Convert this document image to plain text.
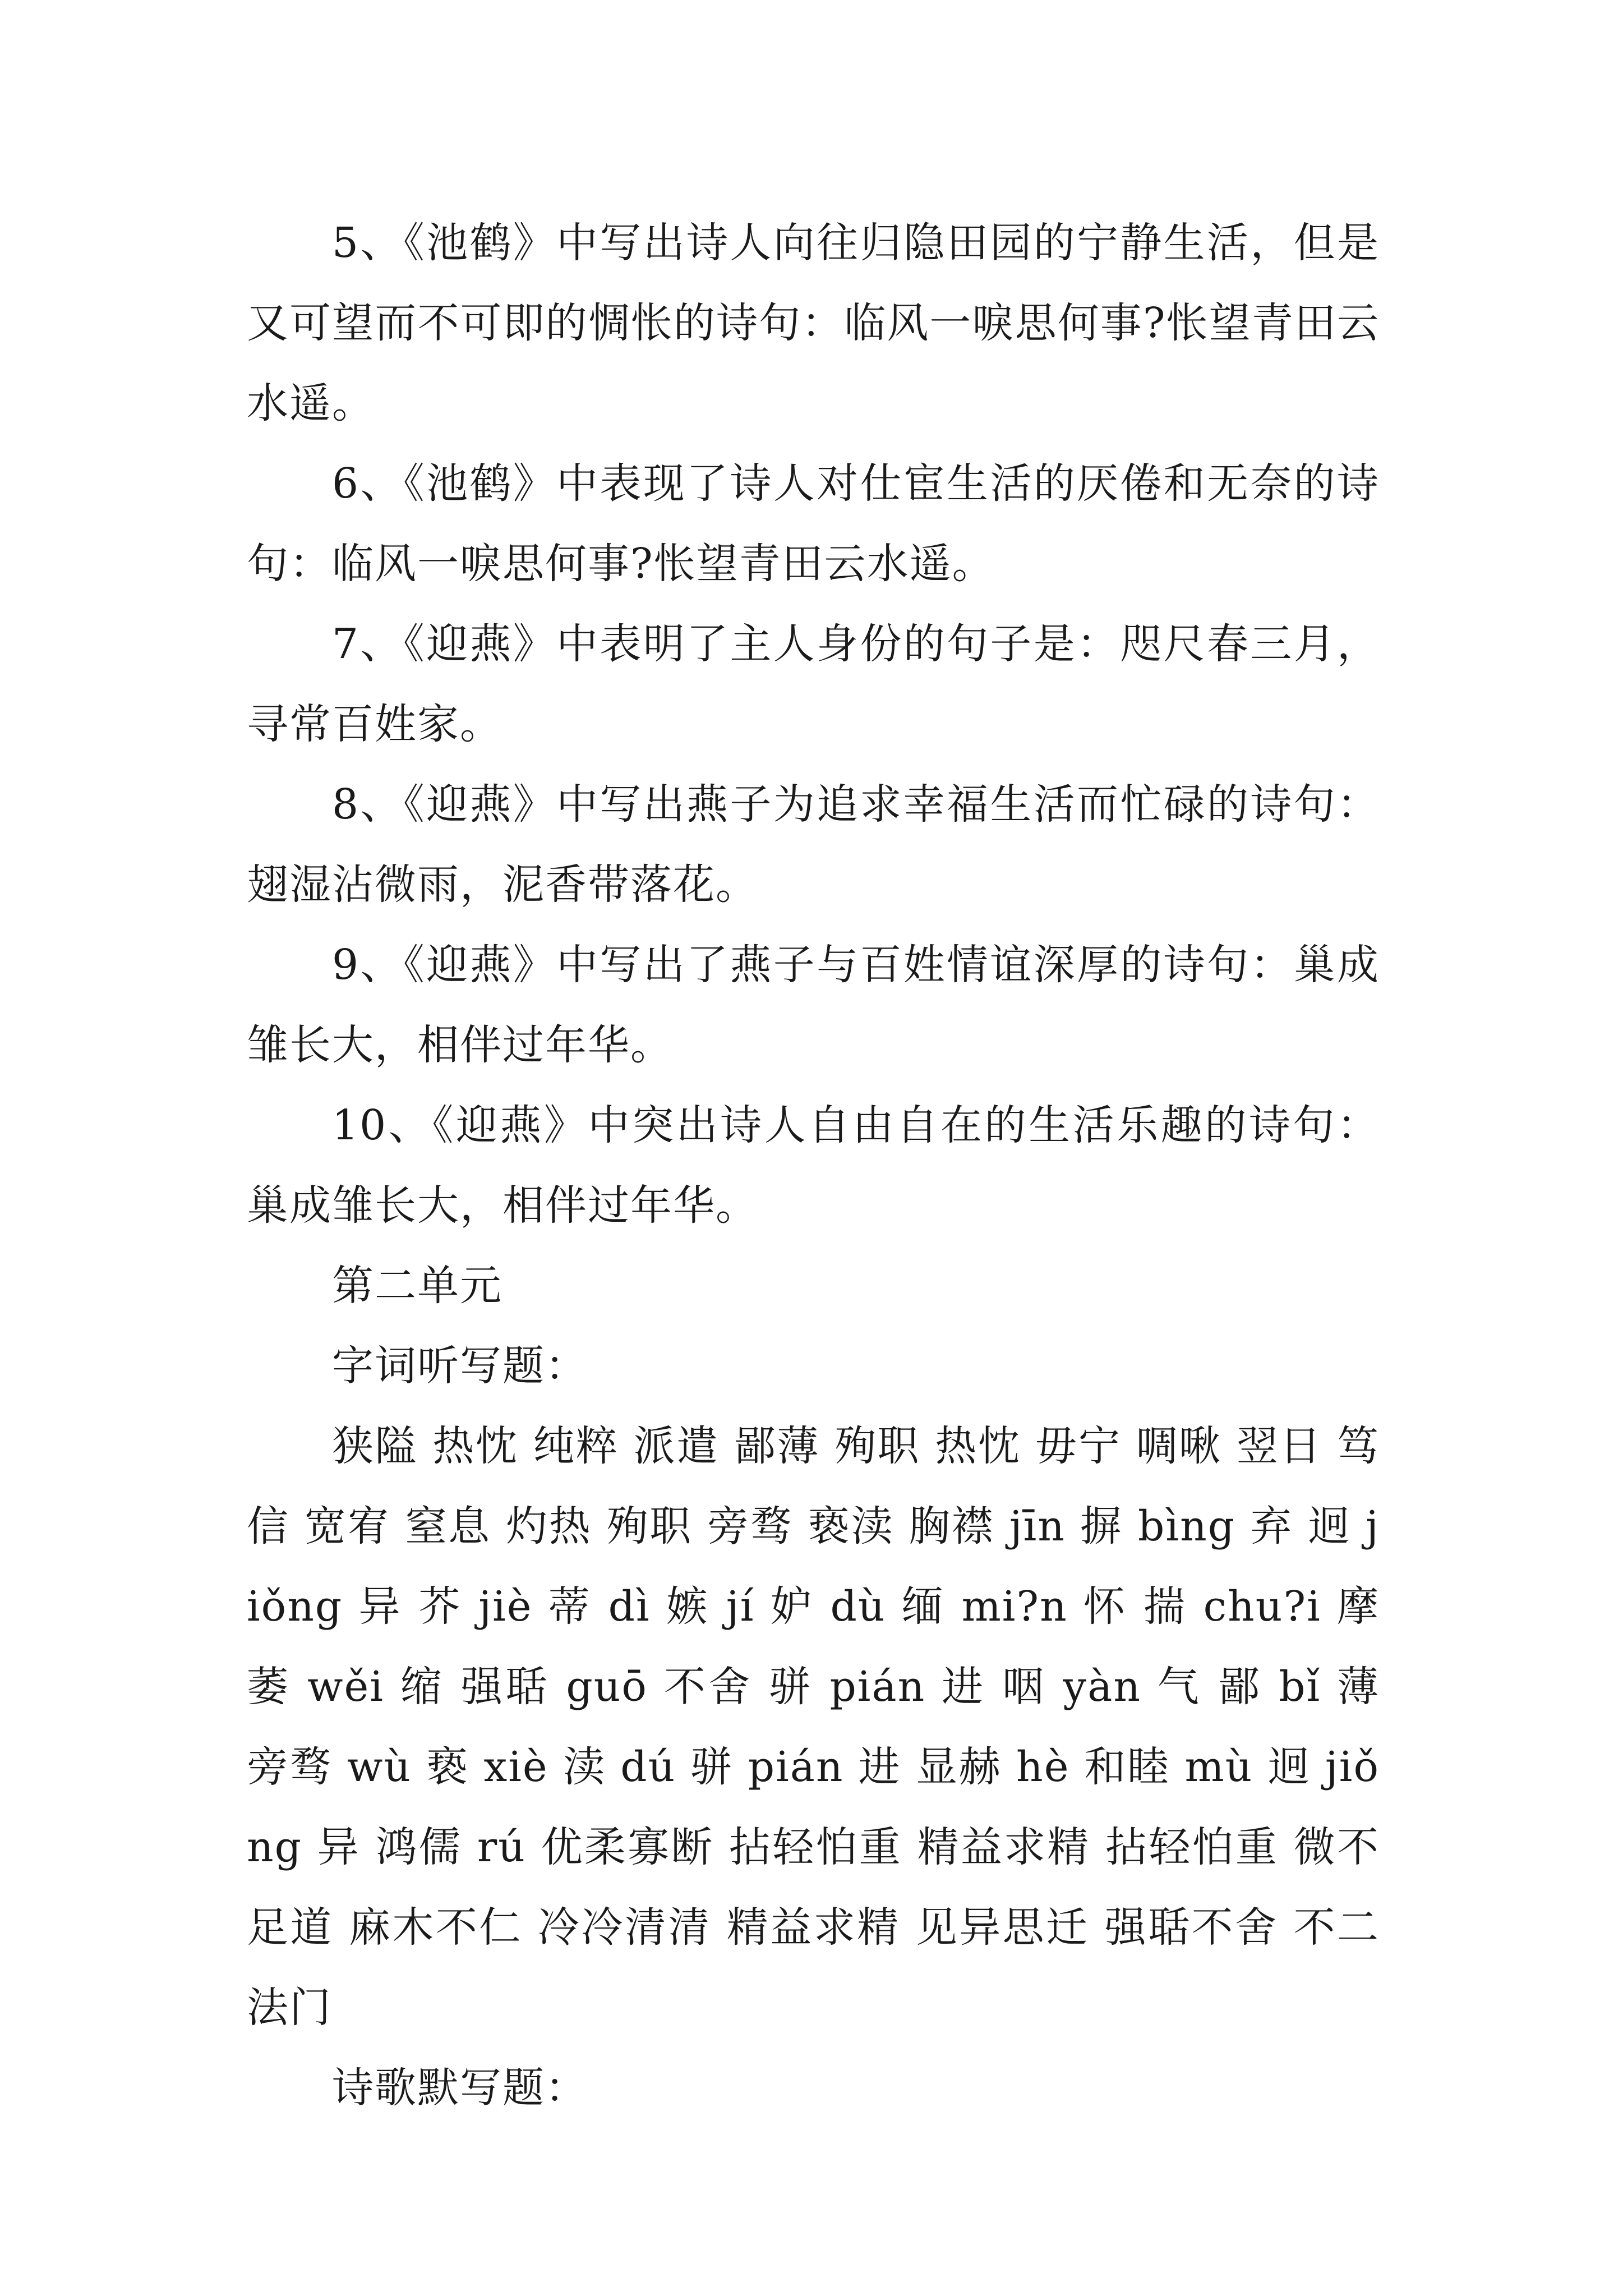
5、《池鹤》中写出诗人向往归隐田园的宁静生活，但是又可望而不可即的惆怅的诗句：临风一唳思何事?怅望青田云水遥。

6、《池鹤》中表现了诗人对仕宦生活的厌倦和无奈的诗句：临风一唳思何事?怅望青田云水遥。

7、《迎燕》中表明了主人身份的句子是：咫尺春三月，寻常百姓家。

8、《迎燕》中写出燕子为追求幸福生活而忙碌的诗句：翅湿沾微雨，泥香带落花。

9、《迎燕》中写出了燕子与百姓情谊深厚的诗句：巢成雏长大，相伴过年华。

10、《迎燕》中突出诗人自由自在的生活乐趣的诗句：巢成雏长大，相伴过年华。

第二单元

字词听写题：

狭隘 热忱 纯粹 派遣 鄙薄 殉职 热忱 毋宁 啁啾 翌日 笃信 宽宥 窒息 灼热 殉职 旁骛 亵渎 胸襟 jīn 摒 bìng 弃 迥 jiǒng 异 芥 jiè 蒂 dì 嫉 jí 妒 dù 缅 mi?n 怀 揣 chu?i 摩 萎 wěi 缩 强聒 guō 不舍 骈 pián 进 咽 yàn 气 鄙 bǐ 薄 旁骛 wù 亵 xiè 渎 dú 骈 pián 进 显赫 hè 和睦 mù 迥 jiǒng 异 鸿儒 rú 优柔寡断 拈轻怕重 精益求精 拈轻怕重 微不足道 麻木不仁 冷冷清清 精益求精 见异思迁 强聒不舍 不二法门

诗歌默写题：
